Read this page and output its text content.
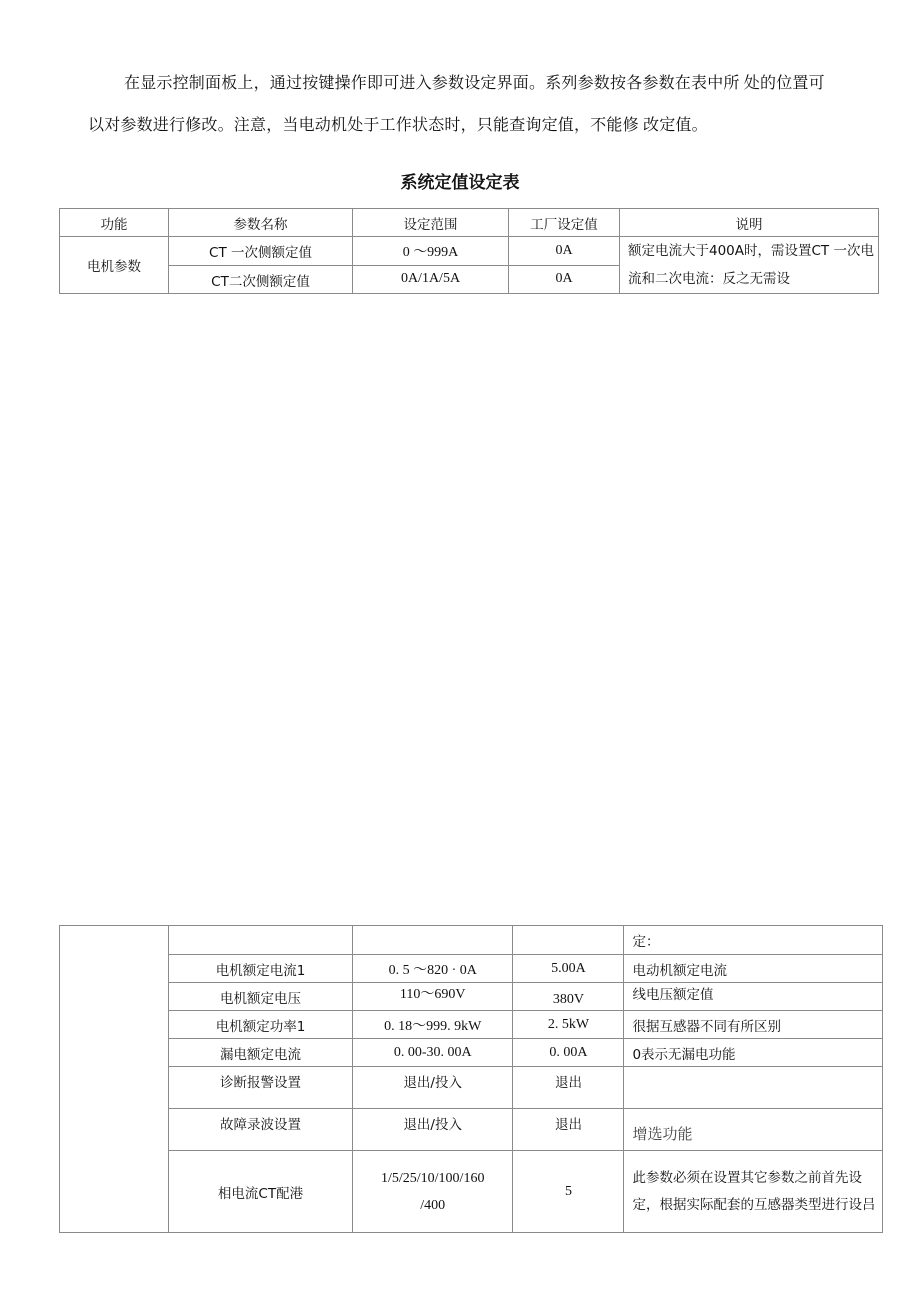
在显示控制面板上，通过按键操作即可进入参数设定界面。系列参数按各参数在表中所 处的位置可
以对参数进行修改。注意，当电动机处于工作状态时，只能查询定值，不能修 改定值。
系统定值设定表
功能	参数名称	设定范围	工厂设定值	说明
电机参数	CT 一次侧额定值	0 ～999A	0A	额定电流大于400A时，需设置CT 一次电流和二次电流：反之无需设
	CT二次侧额定值	0A/1A/5A	0A	
				定：
	电机额定电流1	0. 5 ～820 · 0A	5.00A	电动机额定电流
	电机额定电压	110～690V	380V	线电压额定值
	电机额定功率1	0. 18～999. 9kW	2. 5kW	很据互感器不同有所区别
	漏电额定电流	0. 00-30. 00A	0. 00A	0表示无漏电功能
	诊断报警设置	退出/投入	退出	
	故障录波设置	退出/投入	退出	增选功能
	相电流CT配港	1/5/25/10/100/160 /400	5	此参数必须在设置其它参数之前首先设定，根据实际配套的互感器类型进行设吕
